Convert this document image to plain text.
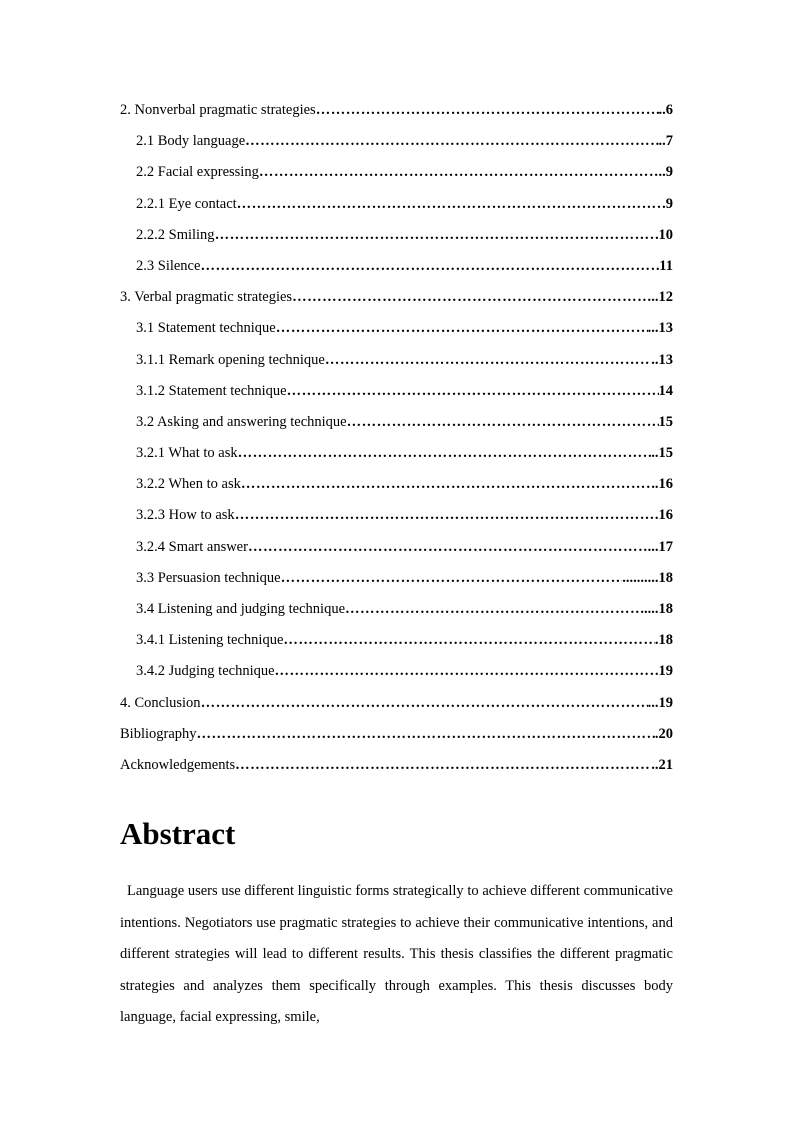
2. Nonverbal pragmatic strategies …………………………………………………………………………………………………………………………………………………………………………………	..6
2.1 Body language …………………………………………………………………………………………………………………………………………………………………………………	..7
2.2 Facial expressing …………………………………………………………………………………………………………………………………………………………………………………	..9
2.2.1 Eye contact …………………………………………………………………………………………………………………………………………………………………………………	9
2.2.2 Smiling …………………………………………………………………………………………………………………………………………………………………………………	10
2.3 Silence …………………………………………………………………………………………………………………………………………………………………………………	11
3. Verbal pragmatic strategies …………………………………………………………………………………………………………………………………………………………………………………	..12
3.1 Statement technique …………………………………………………………………………………………………………………………………………………………………………………	...13
3.1.1 Remark opening technique …………………………………………………………………………………………………………………………………………………………………………………	..13
3.1.2 Statement technique …………………………………………………………………………………………………………………………………………………………………………………	14
3.2 Asking and answering technique …………………………………………………………………………………………………………………………………………………………………………………	15
3.2.1 What to ask …………………………………………………………………………………………………………………………………………………………………………………	..15
3.2.2 When to ask …………………………………………………………………………………………………………………………………………………………………………………	.16
3.2.3 How to ask …………………………………………………………………………………………………………………………………………………………………………………	.16
3.2.4 Smart answer …………………………………………………………………………………………………………………………………………………………………………………	...17
3.3 Persuasion technique …………………………………………………………………………………………………………………………………………………………………………………	..........18
3.4 Listening and judging technique …………………………………………………………………………………………………………………………………………………………………………………	....18
3.4.1 Listening technique …………………………………………………………………………………………………………………………………………………………………………………	.18
3.4.2 Judging technique …………………………………………………………………………………………………………………………………………………………………………………	19
4. Conclusion …………………………………………………………………………………………………………………………………………………………………………………	...19
Bibliography …………………………………………………………………………………………………………………………………………………………………………………	.20
Acknowledgements …………………………………………………………………………………………………………………………………………………………………………………	..21
Abstract

Language users use different linguistic forms strategically to achieve different communicative intentions. Negotiators use pragmatic strategies to achieve their communicative intentions, and different strategies will lead to different results. This thesis classifies the different pragmatic strategies and analyzes them specifically through examples. This thesis discusses body language, facial expressing, smile,
